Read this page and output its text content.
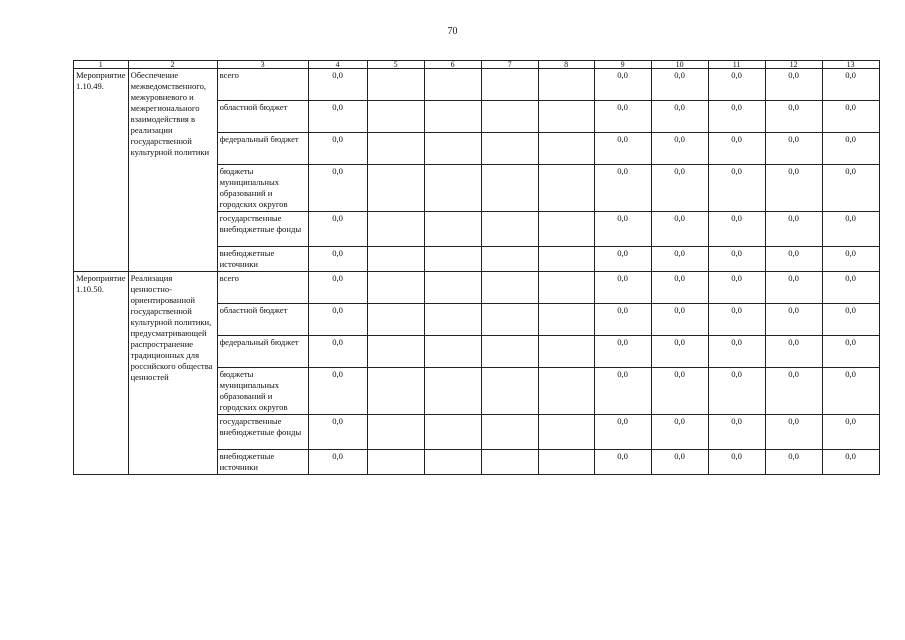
70
1	2	3	4	5	6	7	8	9	10	11	12	13
Мероприятие 1.10.49.	Обеспечение межведомственного, межуровневого и межрегионального взаимодействия в реализации государственной культурной политики	всего	0,0					0,0	0,0	0,0	0,0	0,0
		областной бюджет	0,0					0,0	0,0	0,0	0,0	0,0
		федеральный бюджет	0,0					0,0	0,0	0,0	0,0	0,0
		бюджеты муниципальных образований и городских округов	0,0					0,0	0,0	0,0	0,0	0,0
		государственные внебюджетные фонды	0,0					0,0	0,0	0,0	0,0	0,0
		внебюджетные источники	0,0					0,0	0,0	0,0	0,0	0,0
Мероприятие 1.10.50.	Реализация ценностно-ориентированной государственной культурной политики, предусматривающей распространение традиционных для российского общества ценностей	всего	0,0					0,0	0,0	0,0	0,0	0,0
		областной бюджет	0,0					0,0	0,0	0,0	0,0	0,0
		федеральный бюджет	0,0					0,0	0,0	0,0	0,0	0,0
		бюджеты муниципальных образований и городских округов	0,0					0,0	0,0	0,0	0,0	0,0
		государственные внебюджетные фонды	0,0					0,0	0,0	0,0	0,0	0,0
		внебюджетные источники	0,0					0,0	0,0	0,0	0,0	0,0
